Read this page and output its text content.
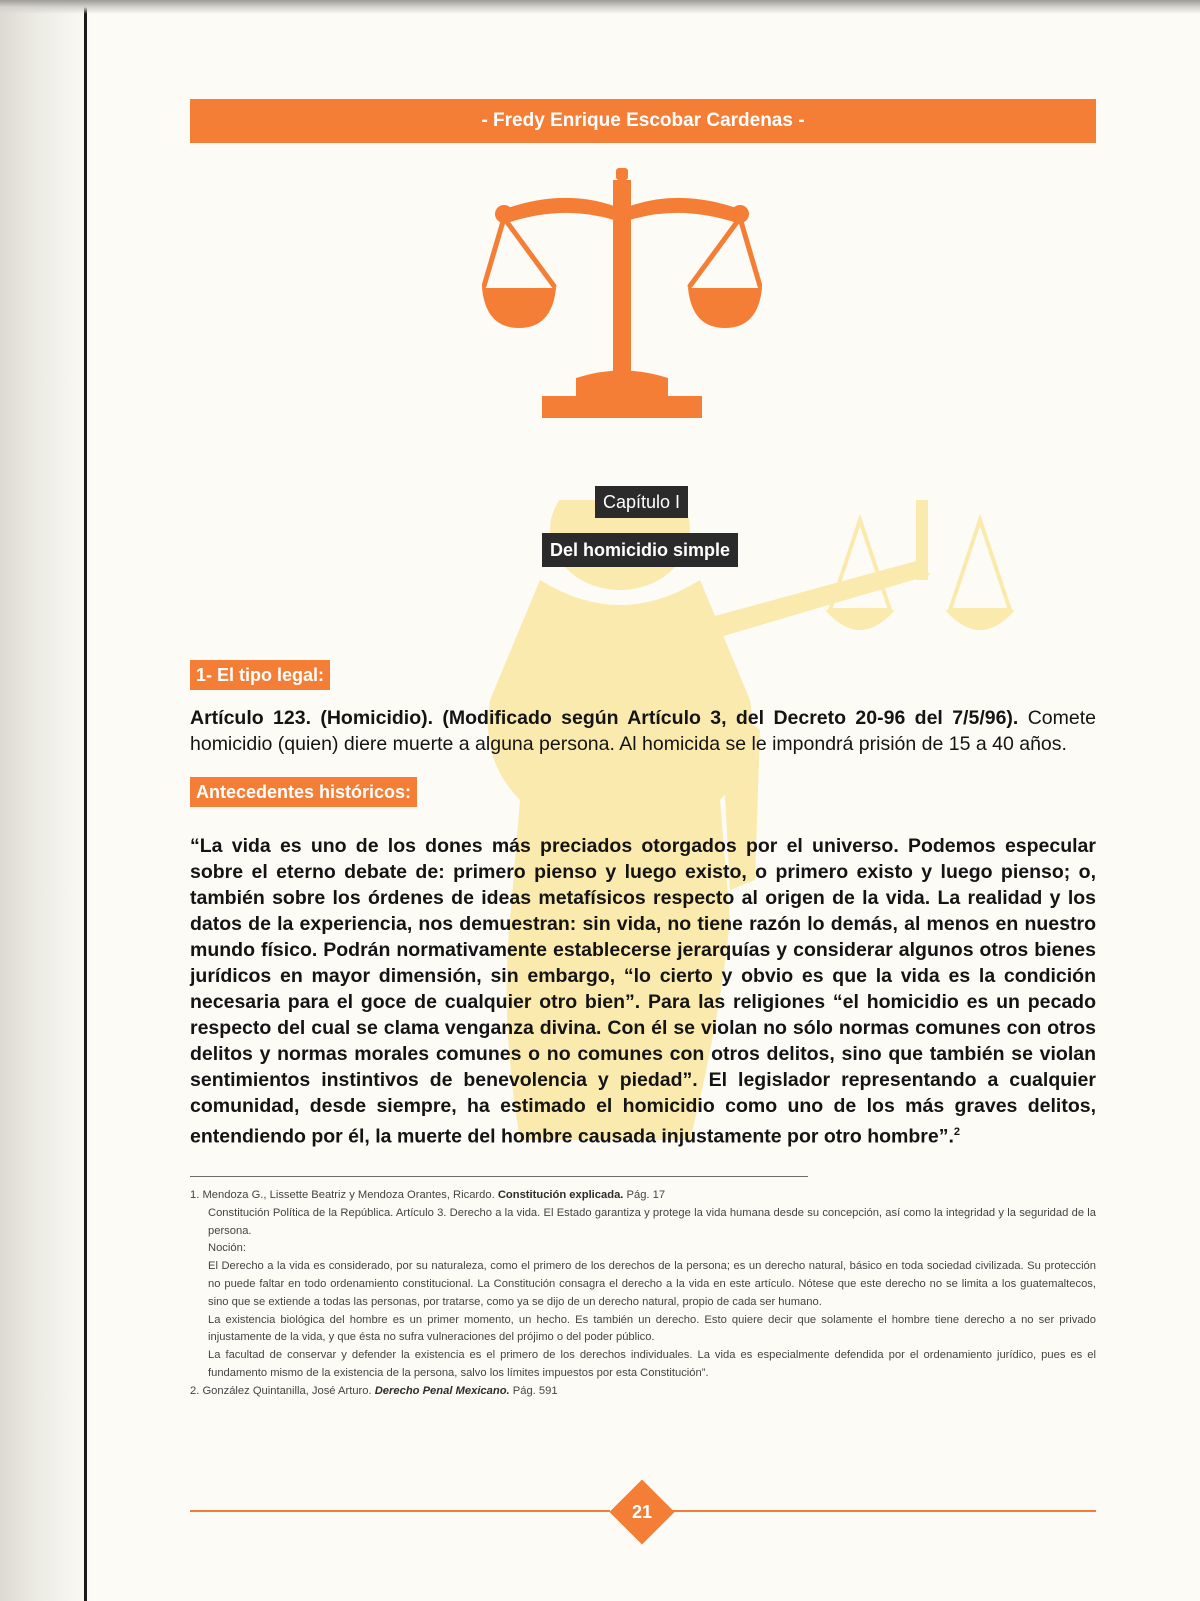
- Fredy Enrique Escobar Cardenas -
Capítulo I
Del homicidio simple
1- El tipo legal:
Artículo 123. (Homicidio). (Modificado según Artículo 3, del Decreto 20-96 del 7/5/96). Comete homicidio (quien) diere muerte a alguna persona. Al homicida se le impondrá prisión de 15 a 40 años.
Antecedentes históricos:
“La vida es uno de los dones más preciados otorgados por el universo. Podemos especular sobre el eterno debate de: primero pienso y luego existo, o primero existo y luego pienso; o, también sobre los órdenes de ideas metafísicos respecto al origen de la vida. La realidad y los datos de la experiencia, nos demuestran: sin vida, no tiene razón lo demás, al menos en nuestro mundo físico. Podrán normativamente establecerse jerarquías y considerar algunos otros bienes jurídicos en mayor dimensión, sin embargo, “lo cierto y obvio es que la vida es la condición necesaria para el goce de cualquier otro bien”. Para las religiones “el homicidio es un pecado respecto del cual se clama venganza divina. Con él se violan no sólo normas comunes con otros delitos y normas morales comunes o no comunes con otros delitos, sino que también se violan sentimientos instintivos de benevolencia y piedad”. El legislador representando a cualquier comunidad, desde siempre, ha estimado el homicidio como uno de los más graves delitos, entendiendo por él, la muerte del hombre causada injustamente por otro hombre”.$^2$

1. Mendoza G., Lissette Beatriz y Mendoza Orantes, Ricardo. Constitución explicada. Pág. 17

Constitución Política de la República. Artículo 3. Derecho a la vida. El Estado garantiza y protege la vida humana desde su concepción, así como la integridad y la seguridad de la persona.

Noción:

El Derecho a la vida es considerado, por su naturaleza, como el primero de los derechos de la persona; es un derecho natural, básico en toda sociedad civilizada. Su protección no puede faltar en todo ordenamiento constitucional. La Constitución consagra el derecho a la vida en este artículo. Nótese que este derecho no se limita a los guatemaltecos, sino que se extiende a todas las personas, por tratarse, como ya se dijo de un derecho natural, propio de cada ser humano.

La existencia biológica del hombre es un primer momento, un hecho. Es también un derecho. Esto quiere decir que solamente el hombre tiene derecho a no ser privado injustamente de la vida, y que ésta no sufra vulneraciones del prójimo o del poder público.

La facultad de conservar y defender la existencia es el primero de los derechos individuales. La vida es especialmente defendida por el ordenamiento jurídico, pues es el fundamento mismo de la existencia de la persona, salvo los límites impuestos por esta Constitución”.

2. González Quintanilla, José Arturo. Derecho Penal Mexicano. Pág. 591

21
